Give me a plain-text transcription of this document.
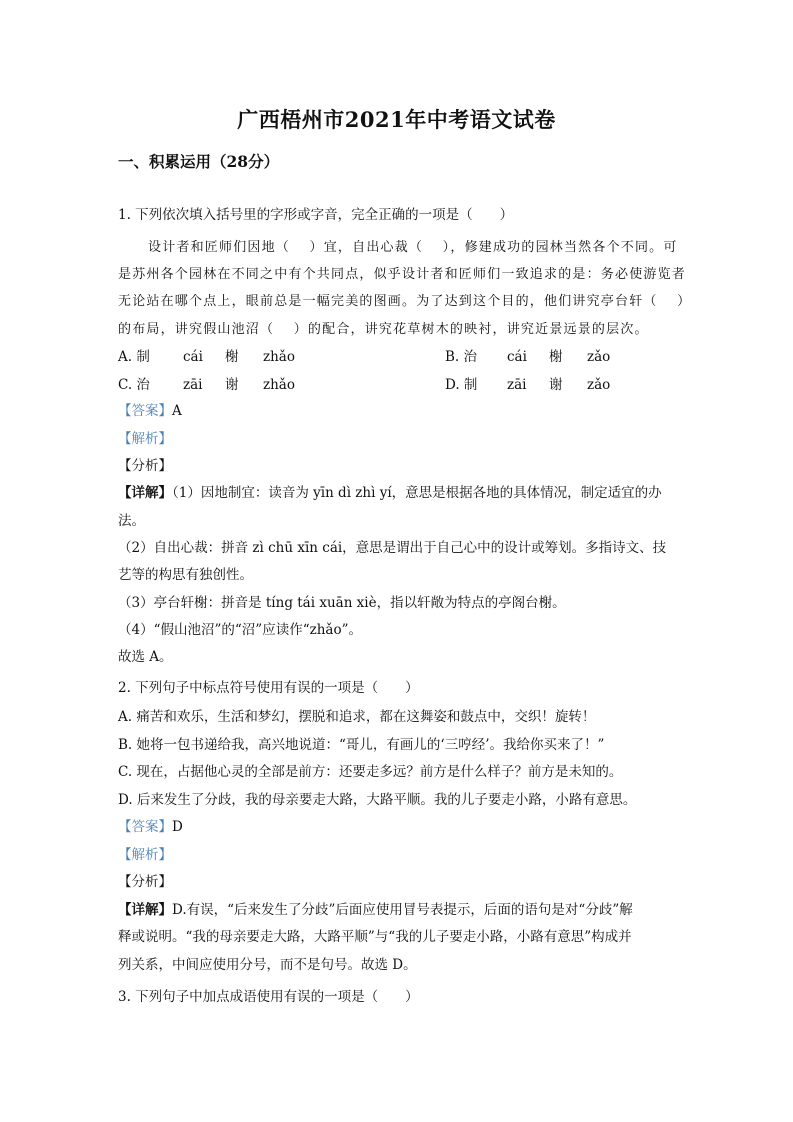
广西梧州市2021年中考语文试卷
一、积累运用（28分）
1. 下列依次填入括号里的字形或字音，完全正确的一项是（　　）
设计者和匠师们因地（　 ）宜，自出心裁（　 ），修建成功的园林当然各个不同。可
是苏州各个园林在不同之中有个共同点，似乎设计者和匠师们一致追求的是：务必使游览者
无论站在哪个点上，眼前总是一幅完美的图画。为了达到这个目的，他们讲究亭台轩（　 ）
的布局，讲究假山池沼（　 ）的配合，讲究花草树木的映衬，讲究近景远景的层次。
A. 制 cái 榭 zhǎo	B. 治 cái 榭 zǎo
C. 治 zāi 谢 zhǎo	D. 制 zāi 谢 zǎo
【答案】A
【解析】
【分析】
【详解】（1）因地制宜：读音为 yīn dì zhì yí，意思是根据各地的具体情况，制定适宜的办
法。
（2）自出心裁：拼音 zì chū xīn cái，意思是谓出于自己心中的设计或筹划。多指诗文、技
艺等的构思有独创性。
（3）亭台轩榭：拼音是 tíng tái xuān xiè，指以轩敞为特点的亭阁台榭。
（4）“假山池沼”的“沼”应读作“zhǎo”。
故选 A。
2. 下列句子中标点符号使用有误的一项是（　　）
A. 痛苦和欢乐，生活和梦幻，摆脱和追求，都在这舞姿和鼓点中，交织！旋转！
B. 她将一包书递给我，高兴地说道：“哥儿，有画儿的‘三哼经’。我给你买来了！”
C. 现在，占据他心灵的全部是前方：还要走多远？前方是什么样子？前方是未知的。
D. 后来发生了分歧，我的母亲要走大路，大路平顺。我的儿子要走小路，小路有意思。
【答案】D
【解析】
【分析】
【详解】D.有误，“后来发生了分歧”后面应使用冒号表提示，后面的语句是对“分歧”解
释或说明。“我的母亲要走大路，大路平顺”与“我的儿子要走小路，小路有意思”构成并
列关系，中间应使用分号，而不是句号。故选 D。
3. 下列句子中加点成语使用有误的一项是（　　）
